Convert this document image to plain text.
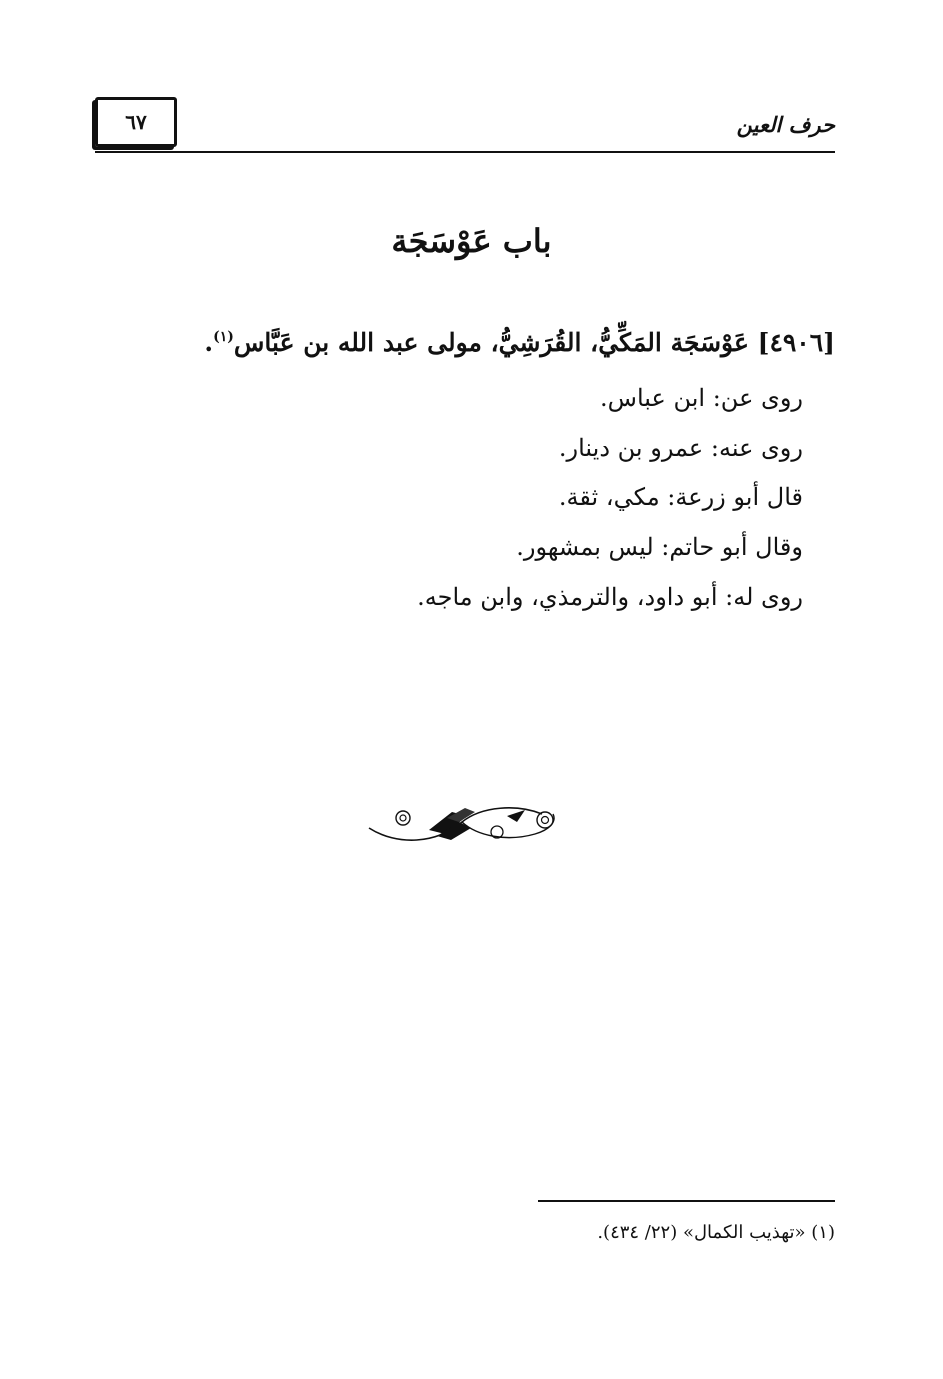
٦٧	حرف العين
باب عَوْسَجَة
[٤٩٠٦] عَوْسَجَة المَكِّيُّ، القُرَشِيُّ، مولى عبد الله بن عَبَّاس$^{(١)}$.
روى عن: ابن عباس.
روى عنه: عمرو بن دينار.
قال أبو زرعة: مكي، ثقة.
وقال أبو حاتم: ليس بمشهور.
روى له: أبو داود، والترمذي، وابن ماجه.
(١) «تهذيب الكمال» (٢٢/ ٤٣٤).
